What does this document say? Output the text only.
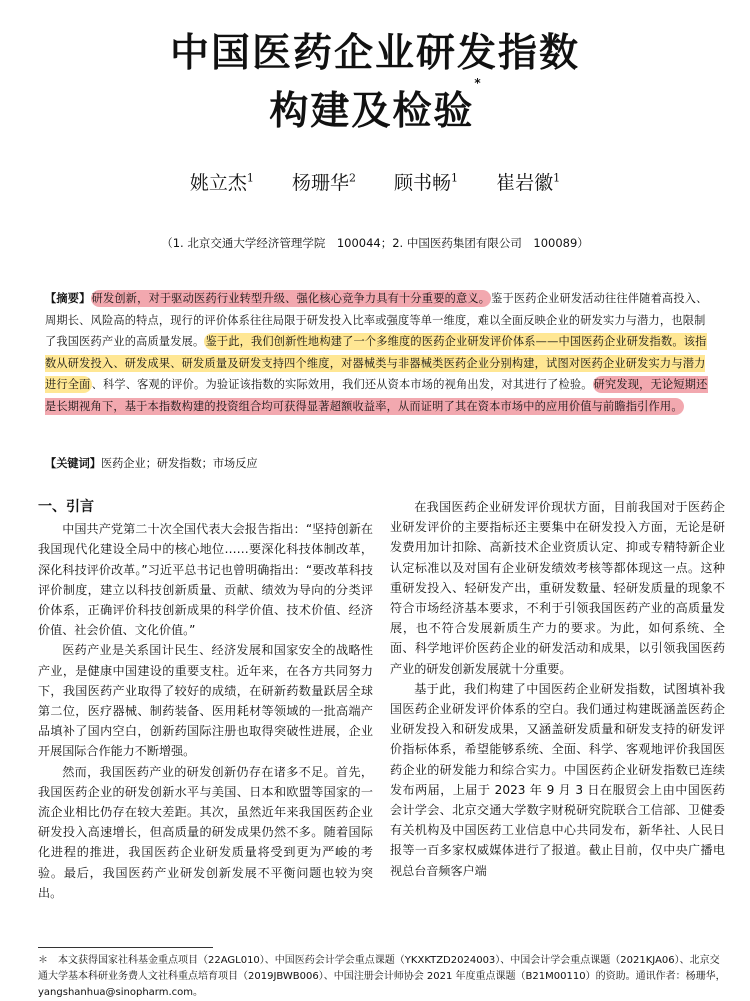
中国医药企业研发指数
构建及检验*
姚立杰$^1$ 杨珊华$^2$ 顾书畅$^1$ 崔岩徽$^1$
（1. 北京交通大学经济管理学院　100044；2. 中国医药集团有限公司　100089）
【摘要】研发创新，对于驱动医药行业转型升级、强化核心竞争力具有十分重要的意义。鉴于医药企业研发活动往往伴随着高投入、周期长、风险高的特点，现行的评价体系往往局限于研发投入比率或强度等单一维度，难以全面反映企业的研发实力与潜力，也限制了我国医药产业的高质量发展。鉴于此，我们创新性地构建了一个多维度的医药企业研发评价体系——中国医药企业研发指数。该指数从研发投入、研发成果、研发质量及研发支持四个维度，对器械类与非器械类医药企业分别构建，试图对医药企业研发实力与潜力进行全面、科学、客观的评价。为验证该指数的实际效用，我们还从资本市场的视角出发，对其进行了检验。研究发现，无论短期还是长期视角下，基于本指数构建的投资组合均可获得显著超额收益率，从而证明了其在资本市场中的应用价值与前瞻指引作用。
【关键词】医药企业；研发指数；市场反应

一、引言

中国共产党第二十次全国代表大会报告指出：“坚持创新在我国现代化建设全局中的核心地位……要深化科技体制改革，深化科技评价改革。”习近平总书记也曾明确指出：“要改革科技评价制度，建立以科技创新质量、贡献、绩效为导向的分类评价体系，正确评价科技创新成果的科学价值、技术价值、经济价值、社会价值、文化价值。”

医药产业是关系国计民生、经济发展和国家安全的战略性产业，是健康中国建设的重要支柱。近年来，在各方共同努力下，我国医药产业取得了较好的成绩，在研新药数量跃居全球第二位，医疗器械、制药装备、医用耗材等领域的一批高端产品填补了国内空白，创新药国际注册也取得突破性进展，企业开展国际合作能力不断增强。

然而，我国医药产业的研发创新仍存在诸多不足。首先，我国医药企业的研发创新水平与美国、日本和欧盟等国家的一流企业相比仍存在较大差距。其次，虽然近年来我国医药企业研发投入高速增长，但高质量的研发成果仍然不多。随着国际化进程的推进，我国医药企业研发质量将受到更为严峻的考验。最后，我国医药产业研发创新发展不平衡问题也较为突出。

在我国医药企业研发评价现状方面，目前我国对于医药企业研发评价的主要指标还主要集中在研发投入方面，无论是研发费用加计扣除、高新技术企业资质认定、抑或专精特新企业认定标准以及对国有企业研发绩效考核等都体现这一点。这种重研发投入、轻研发产出，重研发数量、轻研发质量的现象不符合市场经济基本要求，不利于引领我国医药产业的高质量发展，也不符合发展新质生产力的要求。为此，如何系统、全面、科学地评价医药企业的研发活动和成果，以引领我国医药产业的研发创新发展就十分重要。

基于此，我们构建了中国医药企业研发指数，试图填补我国医药企业研发评价体系的空白。我们通过构建既涵盖医药企业研发投入和研发成果，又涵盖研发质量和研发支持的研发评价指标体系，希望能够系统、全面、科学、客观地评价我国医药企业的研发能力和综合实力。中国医药企业研发指数已连续发布两届，上届于 2023 年 9 月 3 日在服贸会上由中国医药会计学会、北京交通大学数字财税研究院联合工信部、卫健委有关机构及中国医药工业信息中心共同发布，新华社、人民日报等一百多家权威媒体进行了报道。截止目前，仅中央广播电视总台音频客户端

＊　本文获得国家社科基金重点项目（22AGL010）、中国医药会计学会重点课题（YKXKTZD2024003）、中国会计学会重点课题（2021KJA06）、北京交通大学基本科研业务费人文社科重点培育项目（2019JBWB006）、中国注册会计师协会 2021 年度重点课题（B21M00110）的资助。通讯作者：杨珊华，yangshanhua@sinopharm.com。
